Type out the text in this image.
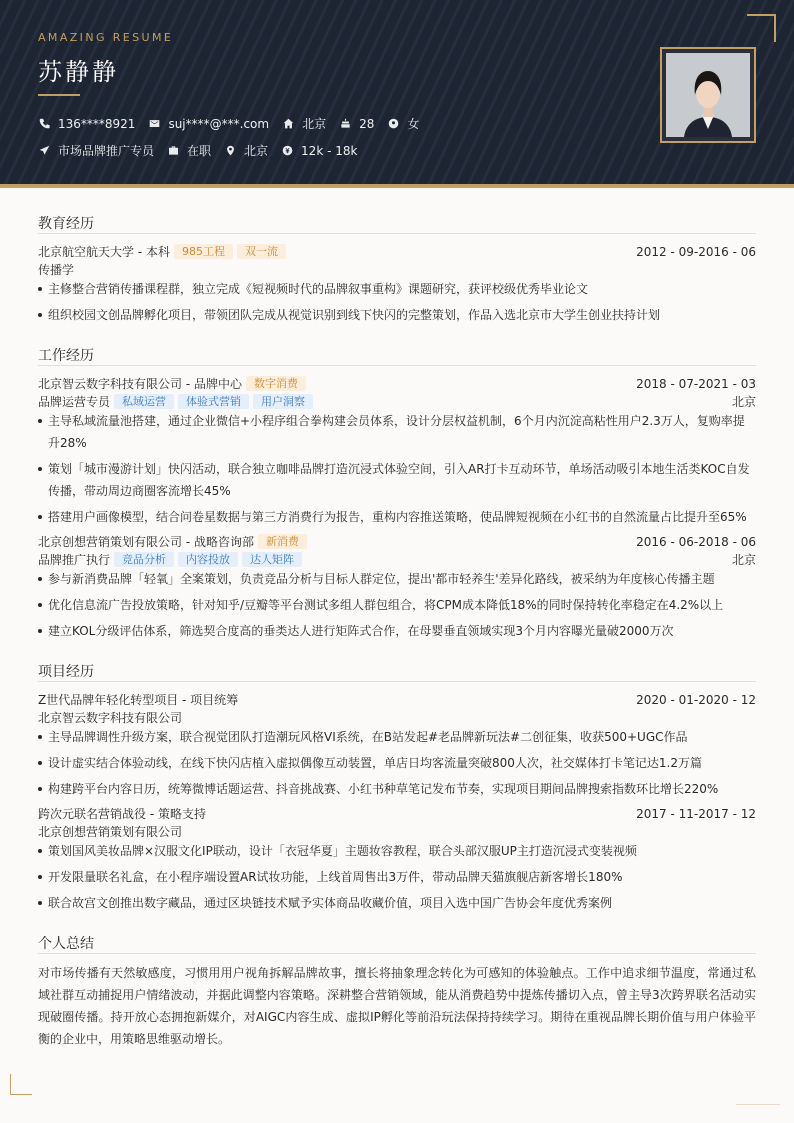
AMAZING RESUME
苏静静
136****8921	suj****@***.com	北京	28	女
市场品牌推广专员	在职	北京	12k - 18k
教育经历
北京航空航天大学 - 本科	985工程	双一流	2012 - 09-2016 - 06
传播学
主修整合营销传播课程群，独立完成《短视频时代的品牌叙事重构》课题研究，获评校级优秀毕业论文
组织校园文创品牌孵化项目，带领团队完成从视觉识别到线下快闪的完整策划，作品入选北京市大学生创业扶持计划
工作经历
北京智云数字科技有限公司 - 品牌中心	数字消费	2018 - 07-2021 - 03
品牌运营专员	私域运营	体验式营销	用户洞察	北京
主导私域流量池搭建，通过企业微信+小程序组合拳构建会员体系，设计分层权益机制，6个月内沉淀高粘性用户2.3万人，复购率提升28%
策划「城市漫游计划」快闪活动，联合独立咖啡品牌打造沉浸式体验空间，引入AR打卡互动环节，单场活动吸引本地生活类KOC自发传播，带动周边商圈客流增长45%
搭建用户画像模型，结合问卷星数据与第三方消费行为报告，重构内容推送策略，使品牌短视频在小红书的自然流量占比提升至65%
北京创想营销策划有限公司 - 战略咨询部	新消费	2016 - 06-2018 - 06
品牌推广执行	竞品分析	内容投放	达人矩阵	北京
参与新消费品牌「轻氧」全案策划，负责竞品分析与目标人群定位，提出'都市轻养生'差异化路线，被采纳为年度核心传播主题
优化信息流广告投放策略，针对知乎/豆瓣等平台测试多组人群包组合，将CPM成本降低18%的同时保持转化率稳定在4.2%以上
建立KOL分级评估体系，筛选契合度高的垂类达人进行矩阵式合作，在母婴垂直领域实现3个月内容曝光量破2000万次
项目经历
Z世代品牌年轻化转型项目 - 项目统筹	2020 - 01-2020 - 12
北京智云数字科技有限公司
主导品牌调性升级方案，联合视觉团队打造潮玩风格VI系统，在B站发起#老品牌新玩法#二创征集，收获500+UGC作品
设计虚实结合体验动线，在线下快闪店植入虚拟偶像互动装置，单店日均客流量突破800人次，社交媒体打卡笔记达1.2万篇
构建跨平台内容日历，统筹微博话题运营、抖音挑战赛、小红书种草笔记发布节奏，实现项目期间品牌搜索指数环比增长220%
跨次元联名营销战役 - 策略支持	2017 - 11-2017 - 12
北京创想营销策划有限公司
策划国风美妆品牌×汉服文化IP联动，设计「衣冠华夏」主题妆容教程，联合头部汉服UP主打造沉浸式变装视频
开发限量联名礼盒，在小程序端设置AR试妆功能，上线首周售出3万件，带动品牌天猫旗舰店新客增长180%
联合故宫文创推出数字藏品，通过区块链技术赋予实体商品收藏价值，项目入选中国广告协会年度优秀案例
个人总结
对市场传播有天然敏感度，习惯用用户视角拆解品牌故事，擅长将抽象理念转化为可感知的体验触点。工作中追求细节温度，常通过私域社群互动捕捉用户情绪波动，并据此调整内容策略。深耕整合营销领域，能从消费趋势中提炼传播切入点，曾主导3次跨界联名活动实现破圈传播。持开放心态拥抱新媒介，对AIGC内容生成、虚拟IP孵化等前沿玩法保持持续学习。期待在重视品牌长期价值与用户体验平衡的企业中，用策略思维驱动增长。
